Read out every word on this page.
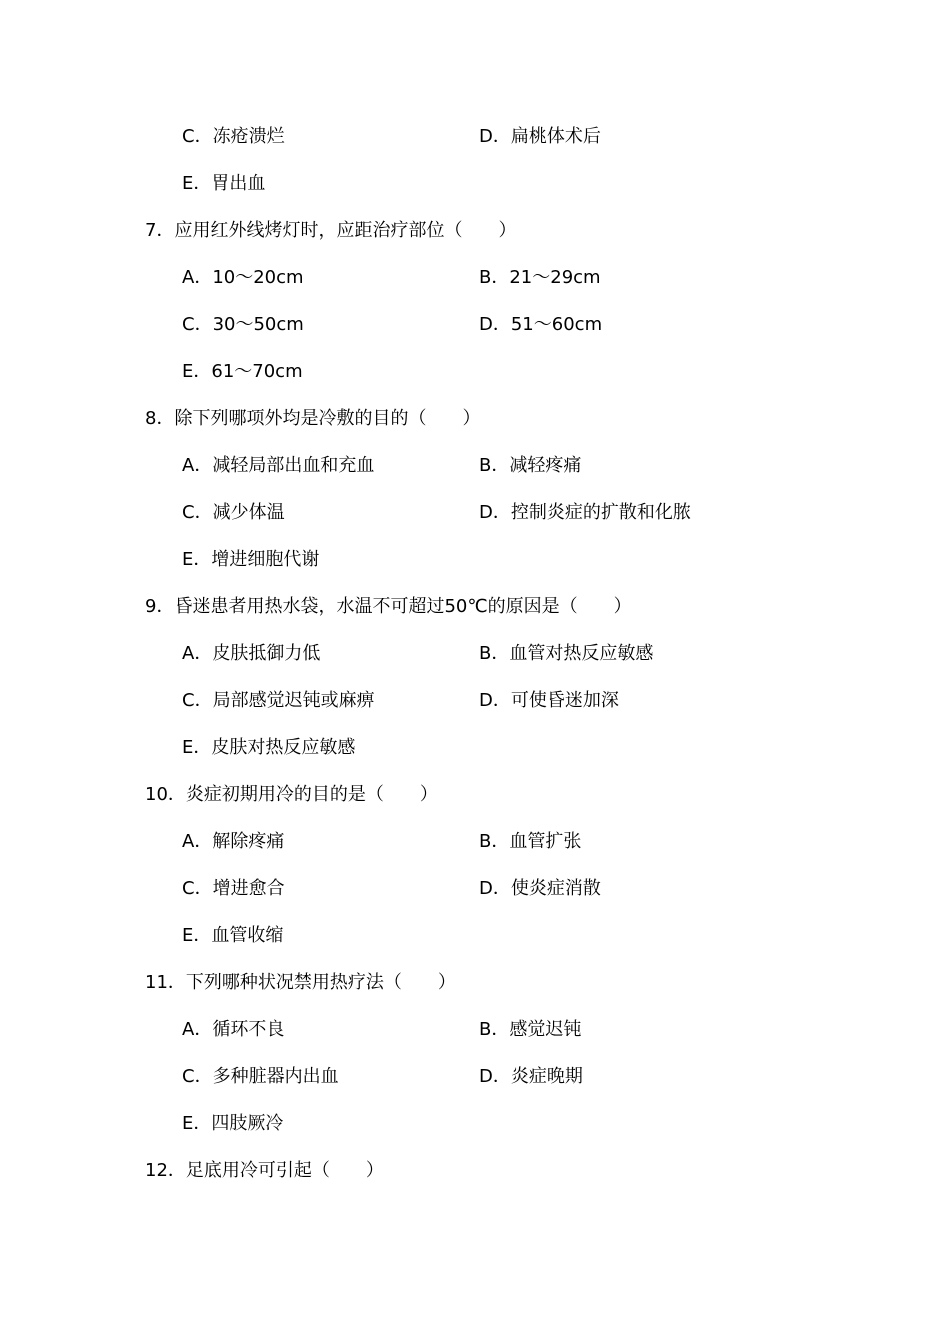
C．冻疮溃烂	D．扁桃体术后
E．胃出血
7．应用红外线烤灯时，应距治疗部位（　　）
A．10～20cm	B．21～29cm
C．30～50cm	D．51～60cm
E．61～70cm
8．除下列哪项外均是冷敷的目的（　　）
A．减轻局部出血和充血	B．减轻疼痛
C．减少体温	D．控制炎症的扩散和化脓
E．增进细胞代谢
9．昏迷患者用热水袋，水温不可超过50℃的原因是（　　）
A．皮肤抵御力低	B．血管对热反应敏感
C．局部感觉迟钝或麻痹	D．可使昏迷加深
E．皮肤对热反应敏感
10．炎症初期用冷的目的是（　　）
A．解除疼痛	B．血管扩张
C．增进愈合	D．使炎症消散
E．血管收缩
11．下列哪种状况禁用热疗法（　　）
A．循环不良	B．感觉迟钝
C．多种脏器内出血	D．炎症晚期
E．四肢厥冷
12．足底用冷可引起（　　）
